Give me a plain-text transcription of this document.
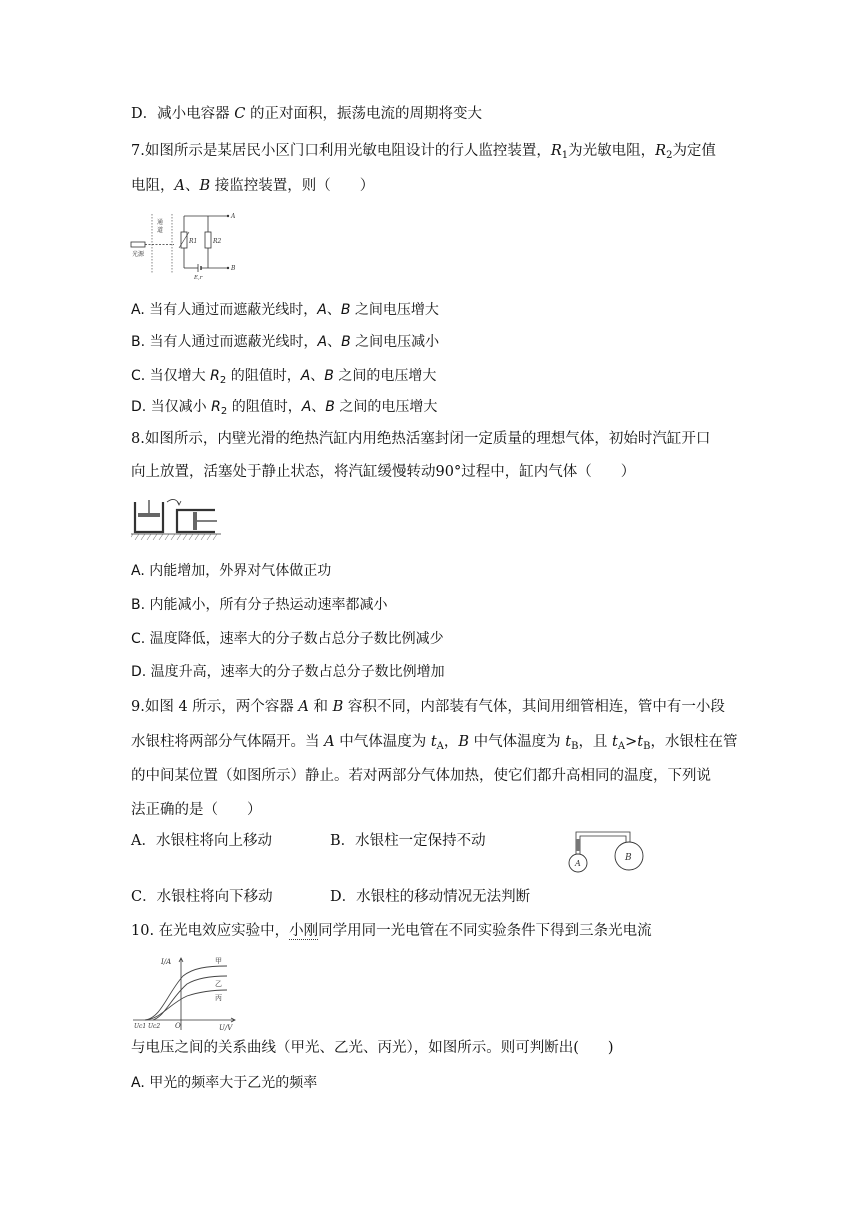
D．减小电容器 C 的正对面积，振荡电流的周期将变大
7.如图所示是某居民小区门口利用光敏电阻设计的行人监控装置，$R_1$为光敏电阻，$R_2$为定值
电阻，A、B 接监控装置，则（　　）
光源
通
道
R1	R2
A
B
E,r
A. 当有人通过而遮蔽光线时，A、B 之间电压增大
B. 当有人通过而遮蔽光线时，A、B 之间电压减小
C. 当仅增大 $R_2$ 的阻值时，A、B 之间的电压增大
D. 当仅减小 $R_2$ 的阻值时，A、B 之间的电压增大
8.如图所示，内壁光滑的绝热汽缸内用绝热活塞封闭一定质量的理想气体，初始时汽缸开口
向上放置，活塞处于静止状态，将汽缸缓慢转动90°过程中，缸内气体（　　）
A. 内能增加，外界对气体做正功
B. 内能减小，所有分子热运动速率都减小
C. 温度降低，速率大的分子数占总分子数比例减少
D. 温度升高，速率大的分子数占总分子数比例增加
9.如图 4 所示，两个容器 A 和 B 容积不同，内部装有气体，其间用细管相连，管中有一小段
水银柱将两部分气体隔开。当 A 中气体温度为 $t_A$，B 中气体温度为 $t_B$，且 $t_A>t_B$，水银柱在管
的中间某位置（如图所示）静止。若对两部分气体加热，使它们都升高相同的温度，下列说
法正确的是（　　）
A．水银柱将向上移动	B．水银柱一定保持不动
A
B
C．水银柱将向下移动	D．水银柱的移动情况无法判断
10. 在光电效应实验中，小刚同学用同一光电管在不同实验条件下得到三条光电流
I/A
U/V
O
Uc1 Uc2
甲
乙
丙
与电压之间的关系曲线（甲光、乙光、丙光），如图所示。则可判断出(　　)
A. 甲光的频率大于乙光的频率
